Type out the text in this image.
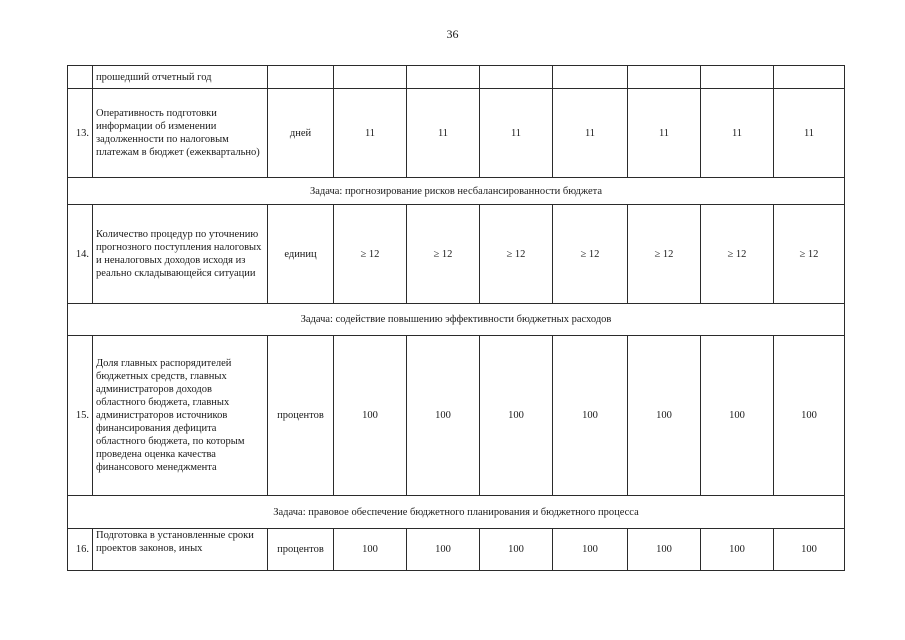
36
	прошедший отчетный год								
13.	Оперативность подготовки информации об изменении задолженности по налоговым платежам в бюджет (ежеквартально)	дней	11	11	11	11	11	11	11
Задача: прогнозирование рисков несбалансированности бюджета									
14.	Количество процедур по уточнению прогнозного поступления налоговых и неналоговых доходов исходя из реально складывающейся ситуации	единиц	≥ 12	≥ 12	≥ 12	≥ 12	≥ 12	≥ 12	≥ 12
Задача: содействие повышению эффективности бюджетных расходов									
15.	Доля главных распорядителей бюджетных средств, главных администраторов доходов областного бюджета, главных администраторов источников финансирования дефицита областного бюджета, по которым проведена оценка качества финансового менеджмента	процентов	100	100	100	100	100	100	100
Задача: правовое обеспечение бюджетного планирования и бюджетного процесса									
16.	Подготовка в установленные сроки проектов законов, иных	процентов	100	100	100	100	100	100	100
